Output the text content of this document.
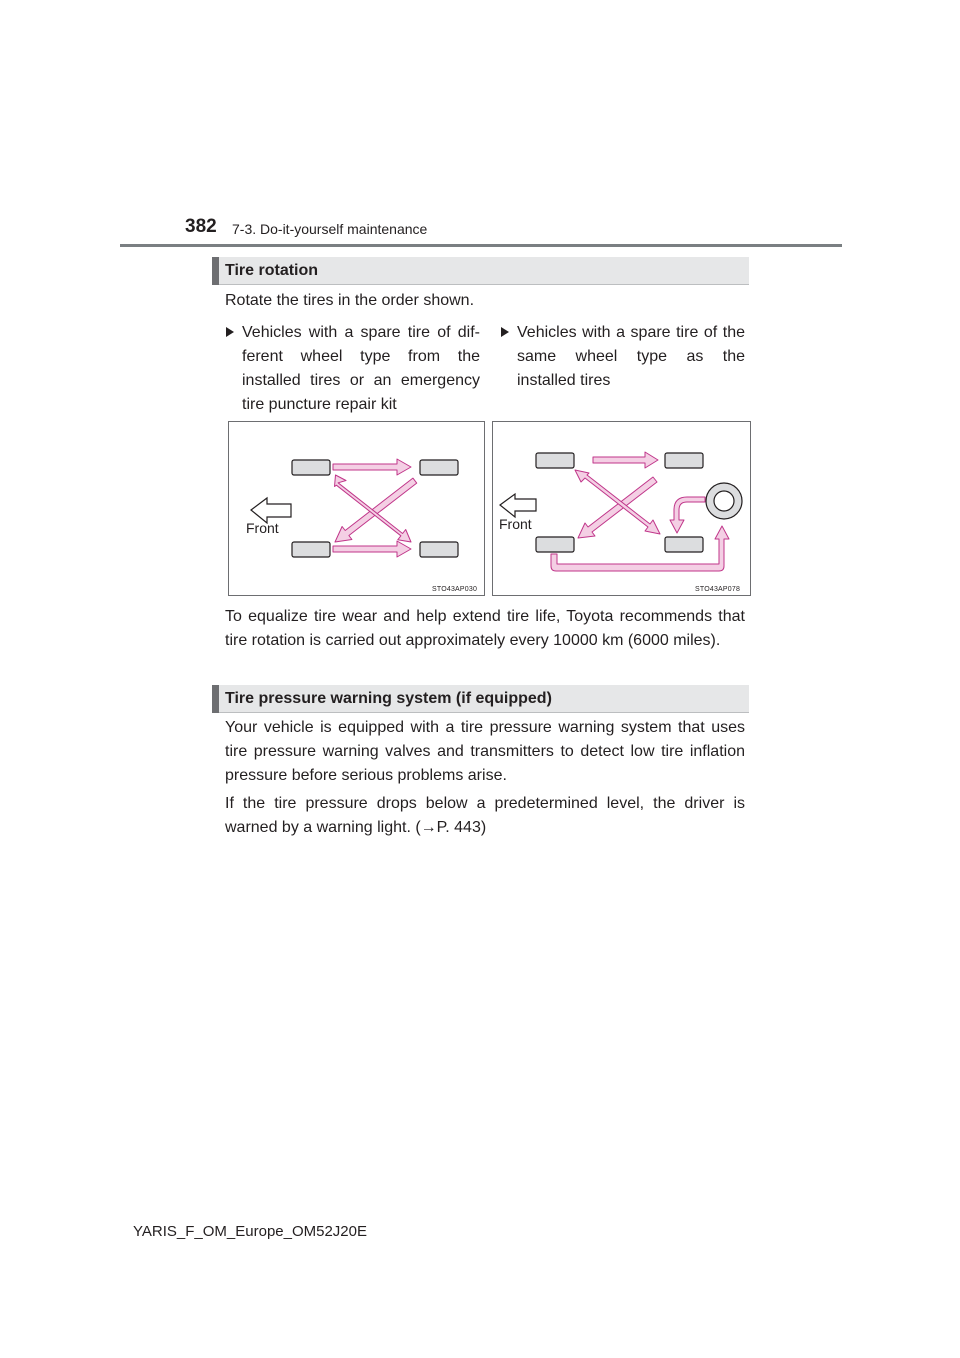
382 7-3. Do-it-yourself maintenance
Tire rotation

Rotate the tires in the order shown.

Vehicles with a spare tire of dif-ferent wheel type from the installed tires or an emergency tire puncture repair kit
Vehicles with a spare tire of the same wheel type as the installed tires
Front
STO43AP030
Front
STO43AP078

To equalize tire wear and help extend tire life, Toyota recommends that tire rotation is carried out approximately every 10000 km (6000 miles).

Tire pressure warning system (if equipped)

Your vehicle is equipped with a tire pressure warning system that uses tire pressure warning valves and transmitters to detect low tire inflation pressure before serious problems arise.

If the tire pressure drops below a predetermined level, the driver is warned by a warning light. (→P. 443)

YARIS_F_OM_Europe_OM52J20E
